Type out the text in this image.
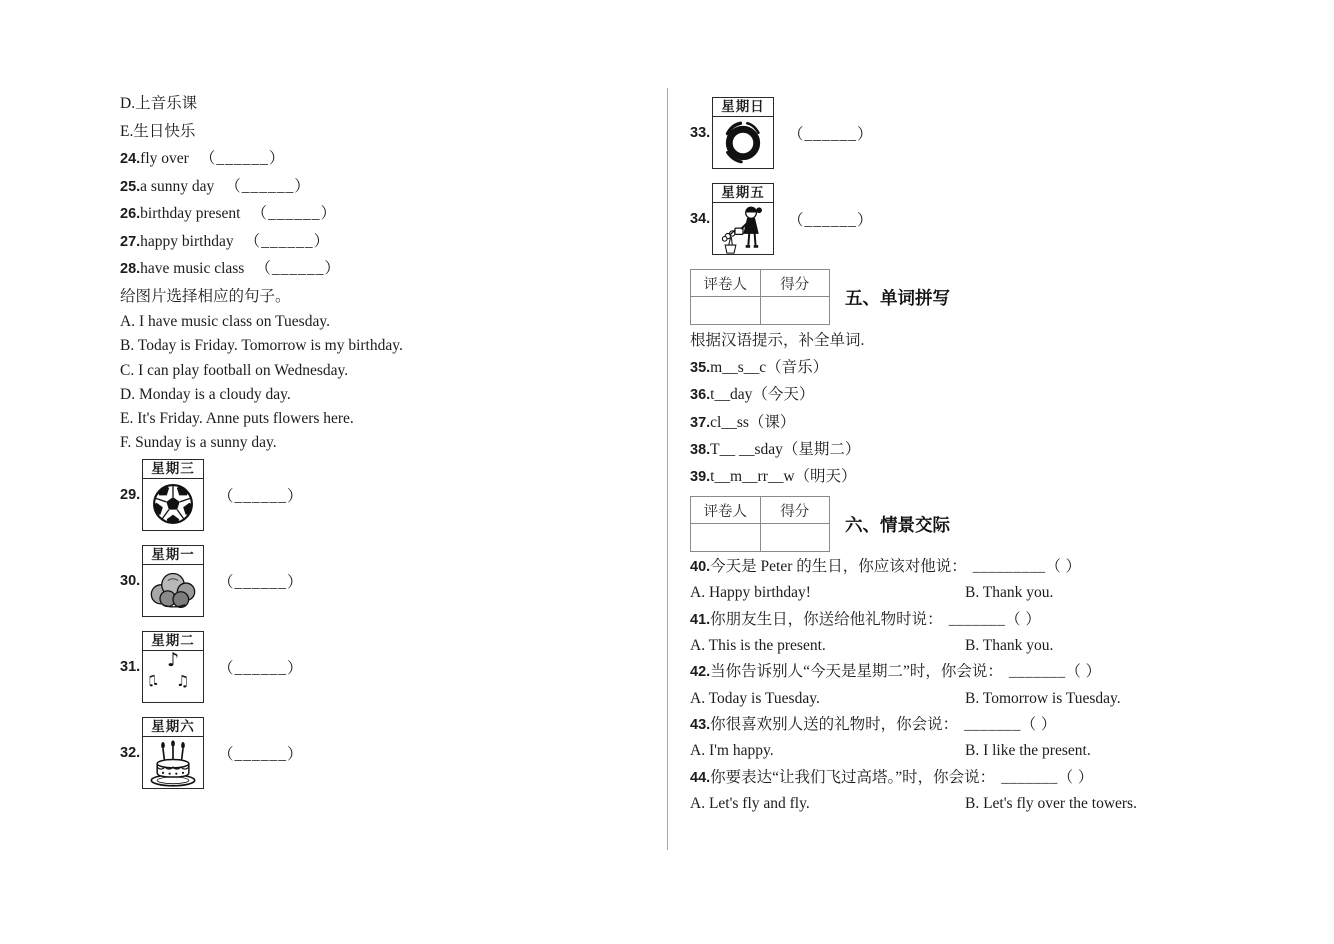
D.上音乐课
E.生日快乐
24.fly over （______）
25.a sunny day （______）
26.birthday present （______）
27.happy birthday （______）
28.have music class （______）
给图片选择相应的句子。
A. I have music class on Tuesday.
B. Today is Friday. Tomorrow is my birthday.
C. I can play football on Wednesday.
D. Monday is a cloudy day.
E. It's Friday. Anne puts flowers here.
F. Sunday is a sunny day.
29.
星期三
（______）
30.
星期一
（______）
31.
星期二
♪
♫ ♫
（______）
32.
星期六
（______）
33.
星期日
（______）
34.
星期五
（______）
评卷人	得分

五、单词拼写
根据汉语提示，补全单词.
35.m__s__c（音乐）
36.t__day（今天）
37.cl__ss（课）
38.T__ __sday（星期二）
39.t__m__rr__w（明天）
评卷人	得分

六、情景交际
40.今天是 Peter 的生日，你应该对他说： _________（ ）
A. Happy birthday!	B. Thank you.
41.你朋友生日，你送给他礼物时说： _______（ ）
A. This is the present.	B. Thank you.
42.当你告诉别人“今天是星期二”时，你会说： _______（ ）
A. Today is Tuesday.	B. Tomorrow is Tuesday.
43.你很喜欢别人送的礼物时，你会说： _______（ ）
A. I'm happy.	B. I like the present.
44.你要表达“让我们飞过高塔。”时，你会说： _______（ ）
A. Let's fly and fly.	B. Let's fly over the towers.
